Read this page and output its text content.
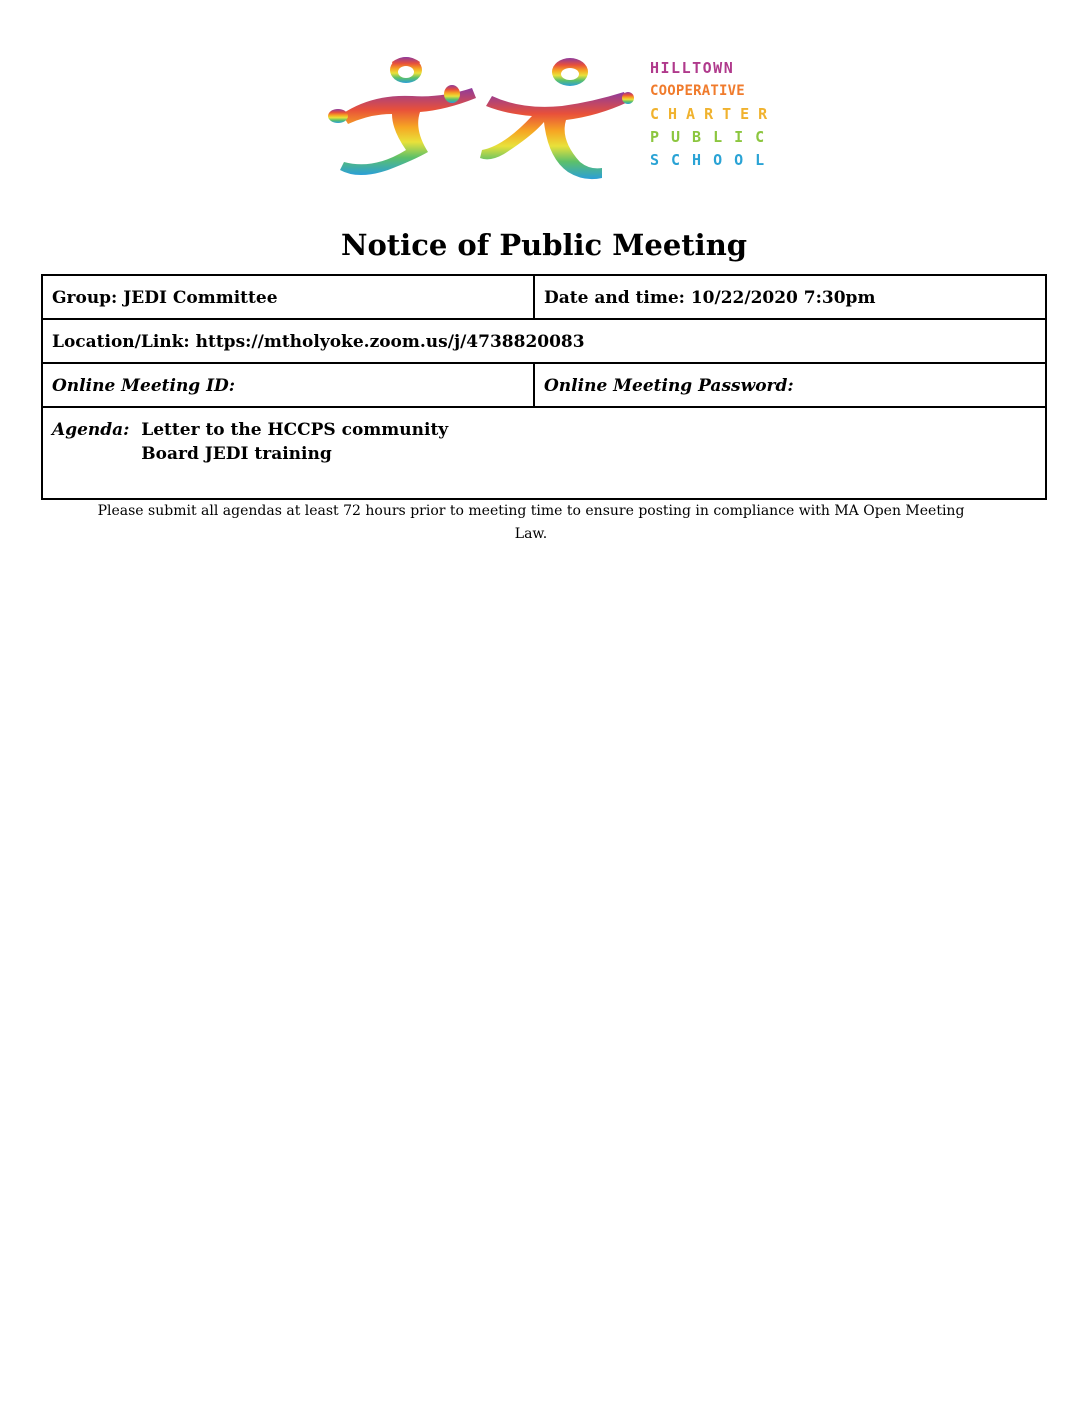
HILLTOWN
COOPERATIVE
CHARTER
PUBLIC
SCHOOL
Notice of Public Meeting
Group: JEDI Committee	Date and time: 10/22/2020 7:30pm
Location/Link: https://mtholyoke.zoom.us/j/4738820083	
Online Meeting ID:	Online Meeting Password:
Agenda: Letter to the HCCPS community
Board JEDI training	
Please submit all agendas at least 72 hours prior to meeting time to ensure posting in compliance with MA Open Meeting
Law.
